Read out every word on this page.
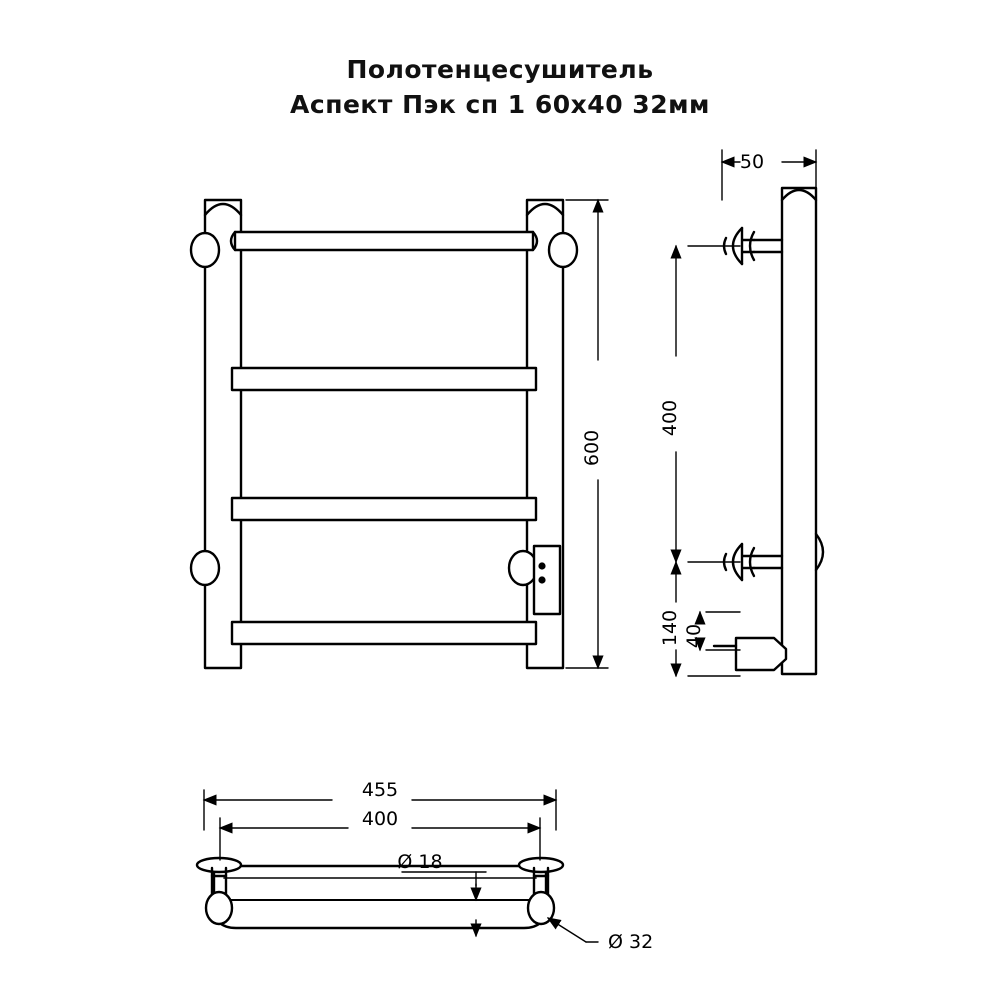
Полотенцесушитель
Аспект Пэк сп 1 60х40 32мм
600
50
400
140 40
455
400
Ø 18
Ø 32
